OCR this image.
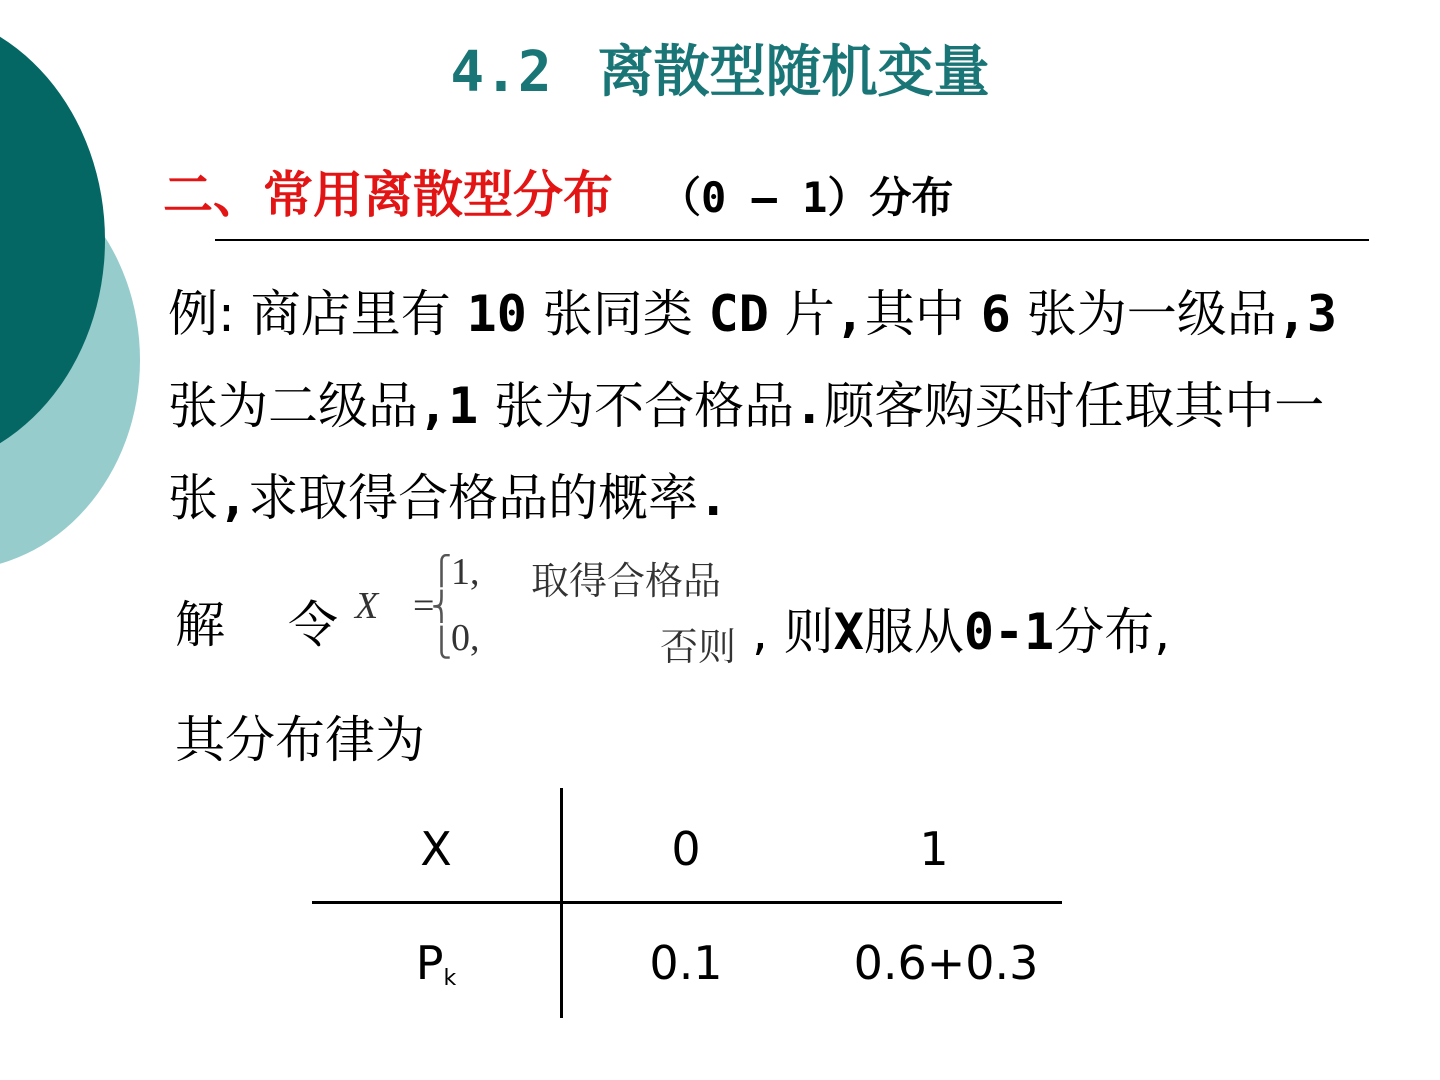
4.2 离散型随机变量
二、常用离散型分布 （0 – 1）分布
例: 商店里有 10 张同类 CD 片,其中 6 张为一级品,3 张为二级品,1 张为不合格品.顾客购买时任取其中一张,求取得合格品的概率.
解 令 X =
⎧
⎨
⎩
1, 取得合格品
0,	否则 , 则X服从0-1分布,
其分布律为
X	0	1
$P_k$	0.1	0.6+0.3
